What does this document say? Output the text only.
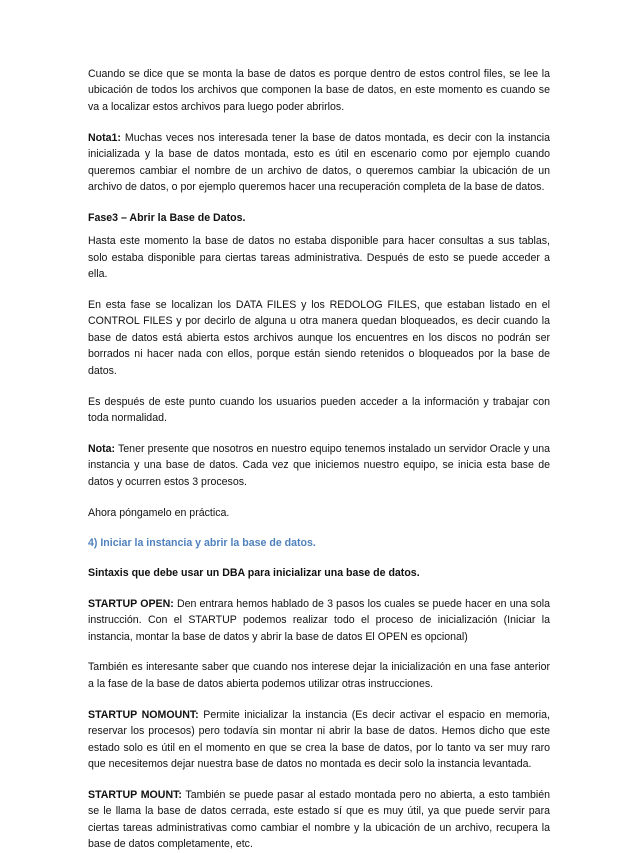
Cuando se dice que se monta la base de datos es porque dentro de estos control files, se lee la ubicación de todos los archivos que componen la base de datos, en este momento es cuando se va a localizar estos archivos para luego poder abrirlos.

Nota1: Muchas veces nos interesada tener la base de datos montada, es decir con la instancia inicializada y la base de datos montada, esto es útil en escenario como por ejemplo cuando queremos cambiar el nombre de un archivo de datos, o queremos cambiar la ubicación de un archivo de datos, o por ejemplo queremos hacer una recuperación completa de la base de datos.

Fase3 – Abrir la Base de Datos.

Hasta este momento la base de datos no estaba disponible para hacer consultas a sus tablas, solo estaba disponible para ciertas tareas administrativa. Después de esto se puede acceder a ella.

En esta fase se localizan los DATA FILES y los REDOLOG FILES, que estaban listado en el CONTROL FILES y por decirlo de alguna u otra manera quedan bloqueados, es decir cuando la base de datos está abierta estos archivos aunque los encuentres en los discos no podrán ser borrados ni hacer nada con ellos, porque están siendo retenidos o bloqueados por la base de datos.

Es después de este punto cuando los usuarios pueden acceder a la información y trabajar con toda normalidad.

Nota: Tener presente que nosotros en nuestro equipo tenemos instalado un servidor Oracle y una instancia y una base de datos. Cada vez que iniciemos nuestro equipo, se inicia esta base de datos y ocurren estos 3 procesos.

Ahora póngamelo en práctica.

4) Iniciar la instancia y abrir la base de datos.

Sintaxis que debe usar un DBA para inicializar una base de datos.

STARTUP OPEN: Den entrara hemos hablado de 3 pasos los cuales se puede hacer en una sola instrucción. Con el STARTUP podemos realizar todo el proceso de inicialización (Iniciar la instancia, montar la base de datos y abrir la base de datos El OPEN es opcional)

También es interesante saber que cuando nos interese dejar la inicialización en una fase anterior a la fase de la base de datos abierta podemos utilizar otras instrucciones.

STARTUP NOMOUNT: Permite inicializar la instancia (Es decir activar el espacio en memoria, reservar los procesos) pero todavía sin montar ni abrir la base de datos. Hemos dicho que este estado solo es útil en el momento en que se crea la base de datos, por lo tanto va ser muy raro que necesitemos dejar nuestra base de datos no montada es decir solo la instancia levantada.

STARTUP MOUNT: También se puede pasar al estado montada pero no abierta, a esto también se le llama la base de datos cerrada, este estado sí que es muy útil, ya que puede servir para ciertas tareas administrativas como cambiar el nombre y la ubicación de un archivo, recupera la base de datos completamente, etc.
